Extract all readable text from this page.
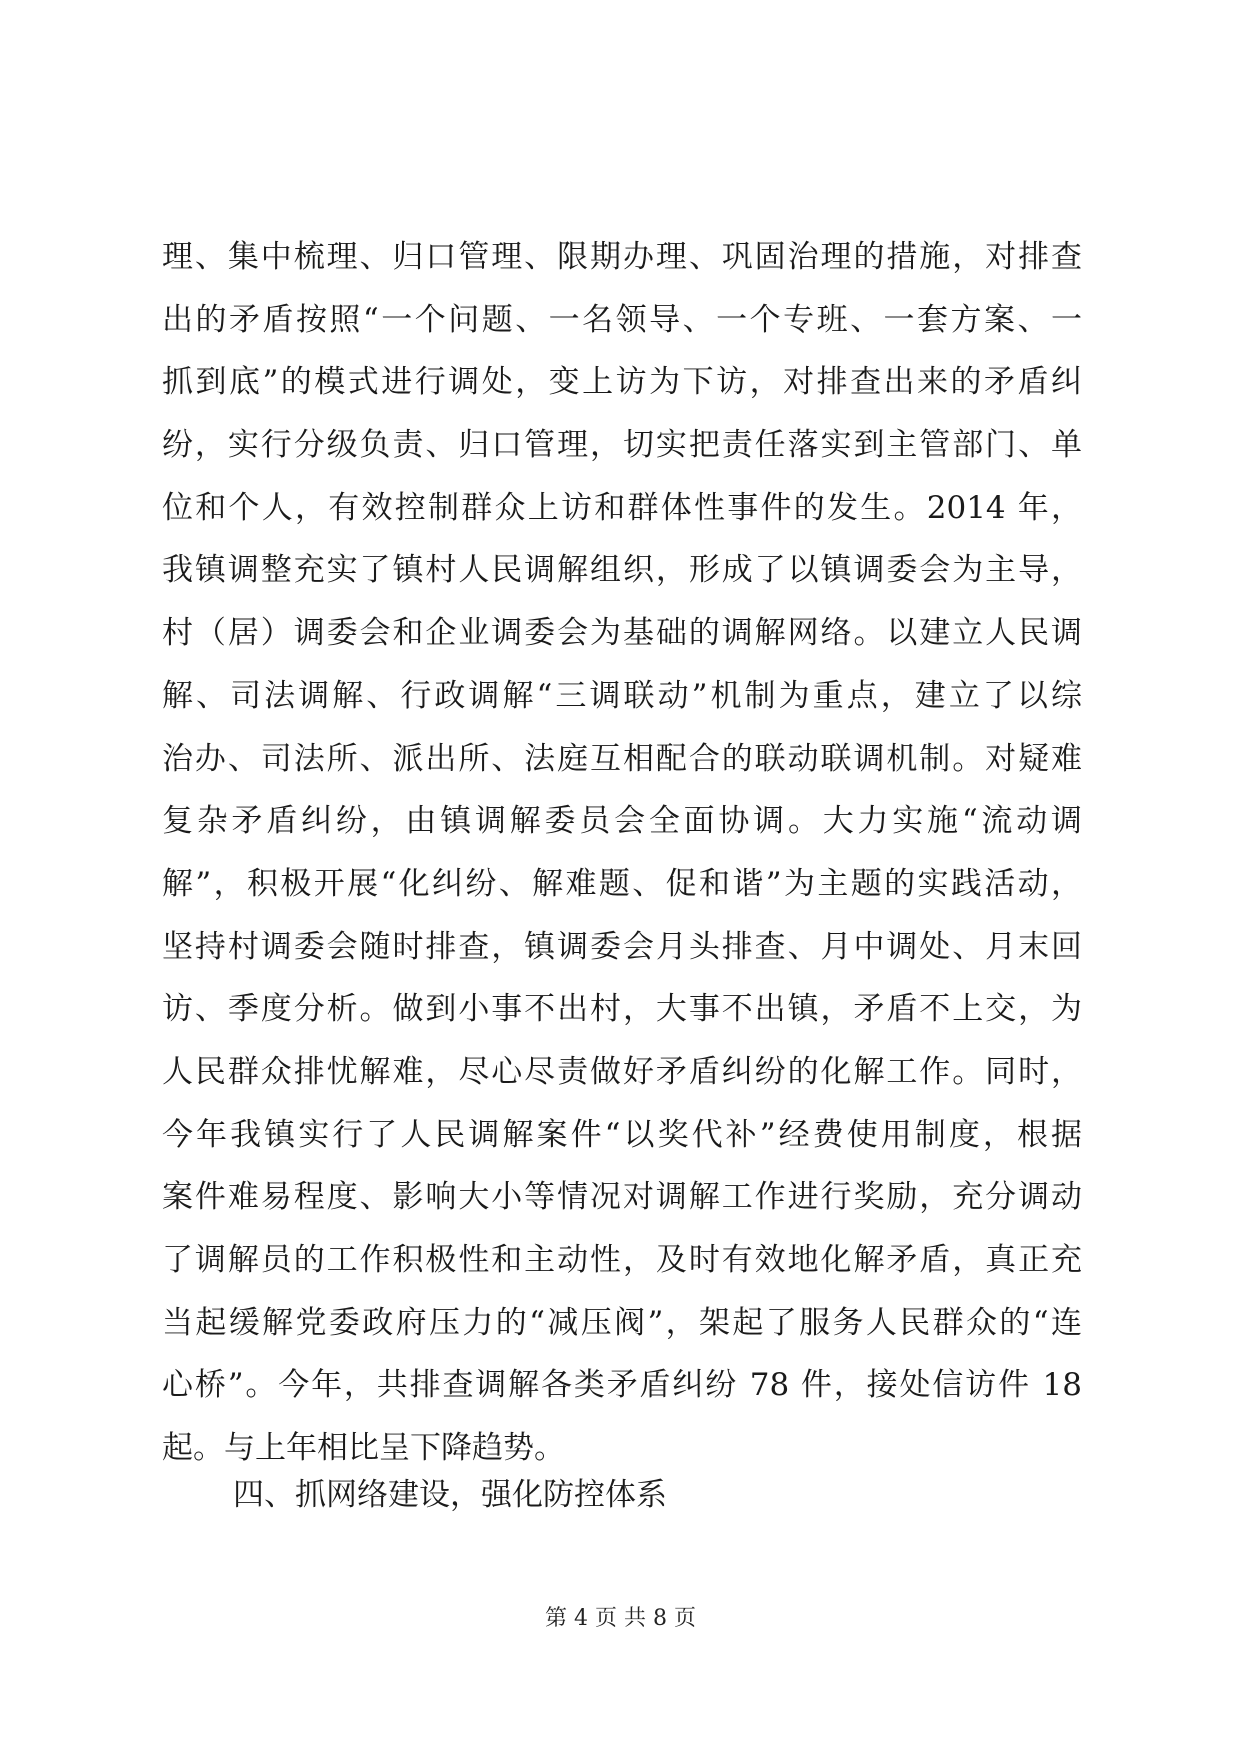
理、集中梳理、归口管理、限期办理、巩固治理的措施，对排查
出的矛盾按照“一个问题、一名领导、一个专班、一套方案、一
抓到底”的模式进行调处，变上访为下访，对排查出来的矛盾纠
纷，实行分级负责、归口管理，切实把责任落实到主管部门、单
位和个人，有效控制群众上访和群体性事件的发生。2014 年，
我镇调整充实了镇村人民调解组织，形成了以镇调委会为主导，
村（居）调委会和企业调委会为基础的调解网络。以建立人民调
解、司法调解、行政调解“三调联动”机制为重点，建立了以综
治办、司法所、派出所、法庭互相配合的联动联调机制。对疑难
复杂矛盾纠纷，由镇调解委员会全面协调。大力实施“流动调
解”，积极开展“化纠纷、解难题、促和谐”为主题的实践活动，
坚持村调委会随时排查，镇调委会月头排查、月中调处、月末回
访、季度分析。做到小事不出村，大事不出镇，矛盾不上交，为
人民群众排忧解难，尽心尽责做好矛盾纠纷的化解工作。同时，
今年我镇实行了人民调解案件“以奖代补”经费使用制度，根据
案件难易程度、影响大小等情况对调解工作进行奖励，充分调动
了调解员的工作积极性和主动性，及时有效地化解矛盾，真正充
当起缓解党委政府压力的“减压阀”，架起了服务人民群众的“连
心桥”。今年，共排查调解各类矛盾纠纷 78 件，接处信访件 18
起。与上年相比呈下降趋势。
四、抓网络建设，强化防控体系
第 4 页 共 8 页
